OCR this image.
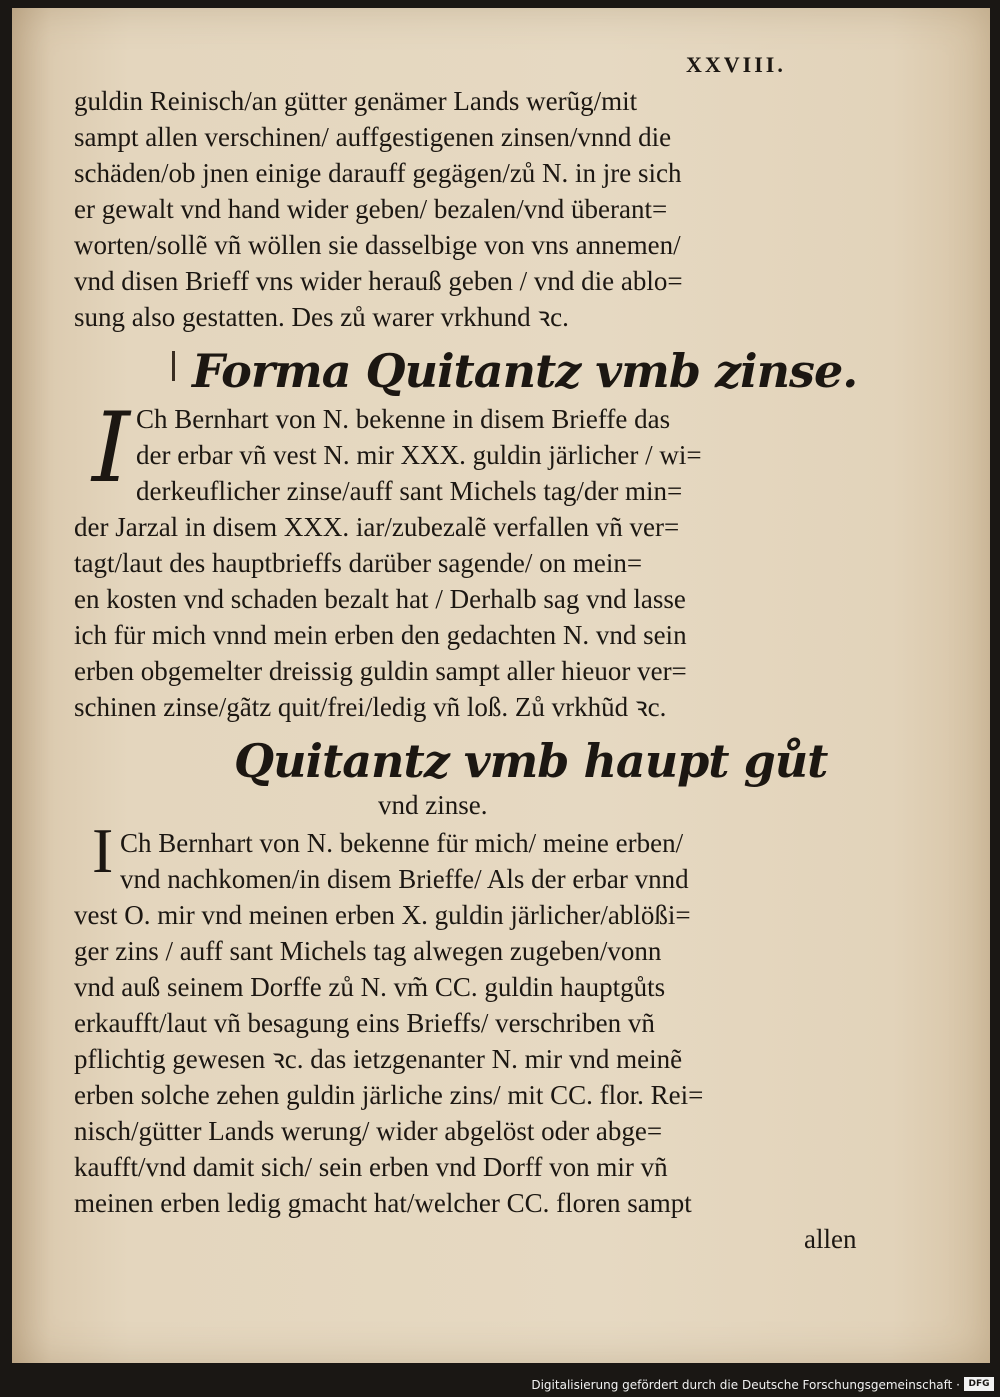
XXVIII.
guldin Reinisch/an gütter genämer Lands werũg/mit
sampt allen verschinen/ auffgestigenen zinsen/vnnd die
schäden/ob jnen einige darauff gegägen/zů N. in jre sich
er gewalt vnd hand wider geben/ bezalen/vnd überant=
worten/sollẽ vñ wöllen sie dasselbige von vns annemen/
vnd disen Brieff vns wider herauß geben / vnd die ablo=
sung also gestatten. Des zů warer vrkhund ꝛc.
Forma Quitantz vmb zinse.
I Ch Bernhart von N. bekenne in disem Brieffe das
der erbar vñ vest N. mir XXX. guldin järlicher / wi=
derkeuflicher zinse/auff sant Michels tag/der min=
der Jarzal in disem XXX. iar/zubezalẽ verfallen vñ ver=
tagt/laut des hauptbrieffs darüber sagende/ on mein=
en kosten vnd schaden bezalt hat / Derhalb sag vnd lasse
ich für mich vnnd mein erben den gedachten N. vnd sein
erben obgemelter dreissig guldin sampt aller hieuor ver=
schinen zinse/gãtz quit/frei/ledig vñ loß. Zů vrkhũd ꝛc.
Quitantz vmb haupt gůt
vnd zinse.
I Ch Bernhart von N. bekenne für mich/ meine erben/
vnd nachkomen/in disem Brieffe/ Als der erbar vnnd
vest O. mir vnd meinen erben X. guldin järlicher/ablößi=
ger zins / auff sant Michels tag alwegen zugeben/vonn
vnd auß seinem Dorffe zů N. vm̃ CC. guldin hauptgůts
erkaufft/laut vñ besagung eins Brieffs/ verschriben vñ
pflichtig gewesen ꝛc. das ietzgenanter N. mir vnd meinẽ
erben solche zehen guldin järliche zins/ mit CC. flor. Rei=
nisch/gütter Lands werung/ wider abgelöst oder abge=
kaufft/vnd damit sich/ sein erben vnd Dorff von mir vñ
meinen erben ledig gmacht hat/welcher CC. floren sampt
allen
Digitalisierung gefördert durch die Deutsche Forschungsgemeinschaft · DFG
